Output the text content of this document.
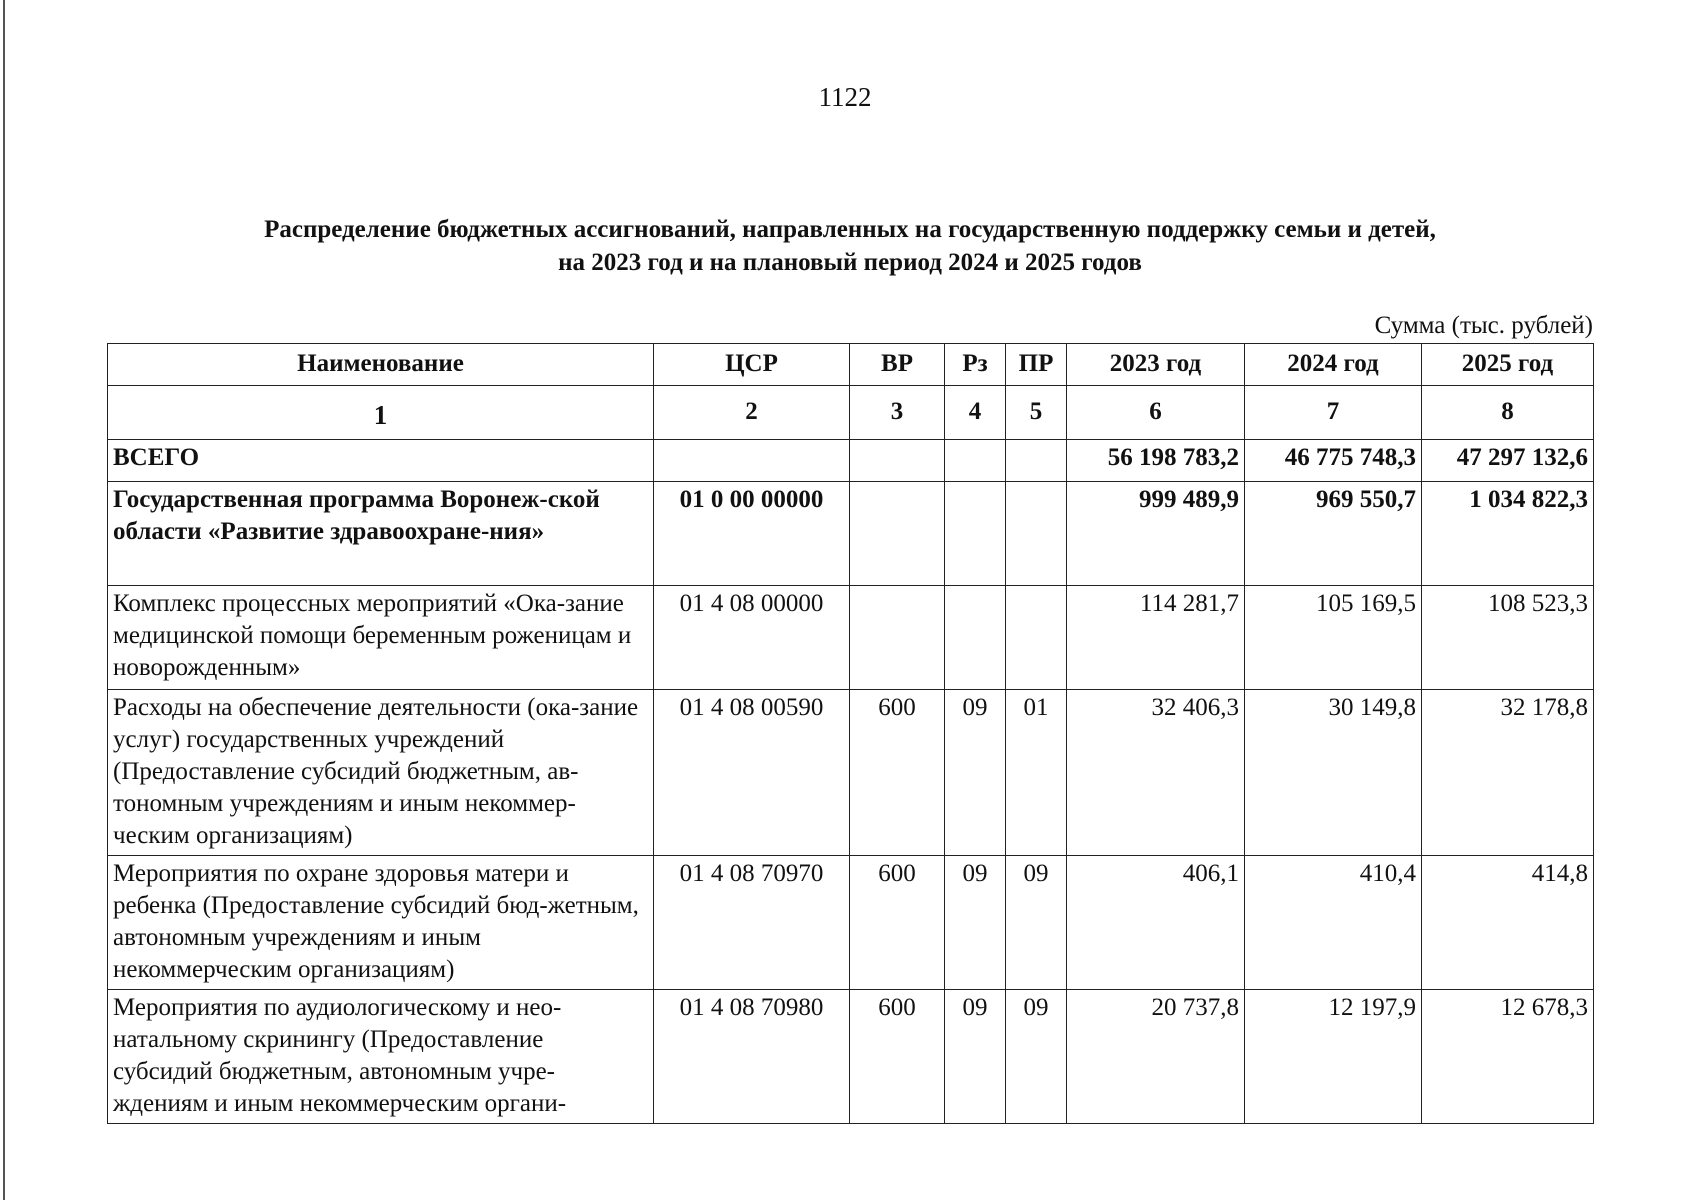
1122
Распределение бюджетных ассигнований, направленных на государственную поддержку семьи и детей,
на 2023 год и на плановый период 2024 и 2025 годов
Сумма (тыс. рублей)
Наименование	ЦСР	ВР	Рз	ПР	2023 год	2024 год	2025 год
1	2	3	4	5	6	7	8
ВСЕГО					56 198 783,2	46 775 748,3	47 297 132,6
Государственная программа Воронеж-ской области «Развитие здравоохране-ния»	01 0 00 00000				999 489,9	969 550,7	1 034 822,3
Комплекс процессных мероприятий «Ока-зание медицинской помощи беременным роженицам и новорожденным»	01 4 08 00000				114 281,7	105 169,5	108 523,3
Расходы на обеспечение деятельности (ока-зание услуг) государственных учреждений (Предоставление субсидий бюджетным, ав-тономным учреждениям и иным некоммер-ческим организациям)	01 4 08 00590	600	09	01	32 406,3	30 149,8	32 178,8
Мероприятия по охране здоровья матери и ребенка (Предоставление субсидий бюд-жетным, автономным учреждениям и иным некоммерческим организациям)	01 4 08 70970	600	09	09	406,1	410,4	414,8
Мероприятия по аудиологическому и нео-натальному скринингу (Предоставление субсидий бюджетным, автономным учре-ждениям и иным некоммерческим органи-	01 4 08 70980	600	09	09	20 737,8	12 197,9	12 678,3
